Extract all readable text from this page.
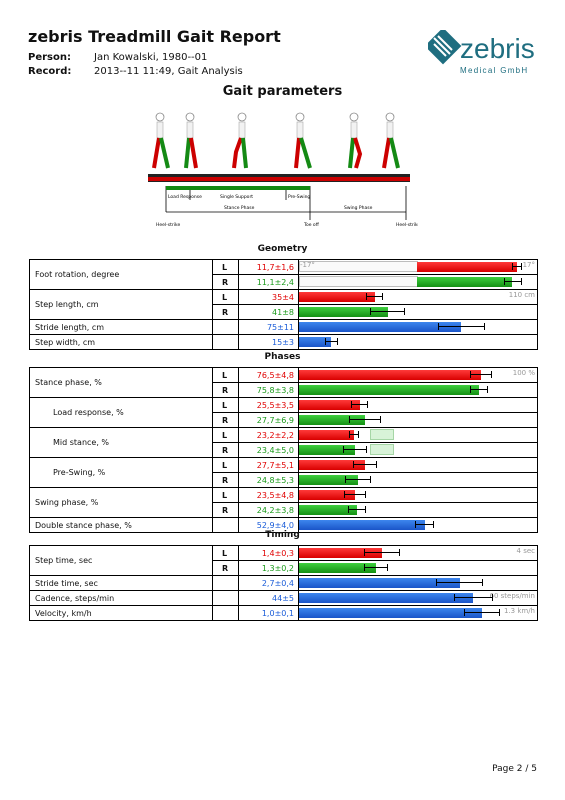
zebris Treadmill Gait Report
Person: Jan Kowalski, 1980--01
Record: 2013--11 11:49, Gait Analysis
zebris
Medical GmbH
Gait parameters
Load Response	Single Support	Pre-Swing
Stance Phase	Swing Phase
Heel-strike	Toe off	Heel-strike
Geometry
Foot rotation, degree	L	11,7±1,6	-17° 17°

	R	11,1±2,4	

Step length, cm	L	35±4	110 cm

	R	41±8	

Stride length, cm		75±11	

Step width, cm		15±3	
Phases
Stance phase, %	L	76,5±4,8	100 %

	R	75,8±3,8	

Load response, %	L	25,5±3,5	

	R	27,7±6,9	

Mid stance, %	L	23,2±2,2	

	R	23,4±5,0	

Pre-Swing, %	L	27,7±5,1	

	R	24,8±5,3	

Swing phase, %	L	23,5±4,8	

	R	24,2±3,8	

Double stance phase, %		52,9±4,0	
Timing
Step time, sec	L	1,4±0,3	4 sec

	R	1,3±0,2	

Stride time, sec		2,7±0,4	

Cadence, steps/min		44±5	60 steps/min

Velocity, km/h		1,0±0,1	1.3 km/h
Page 2 / 5
